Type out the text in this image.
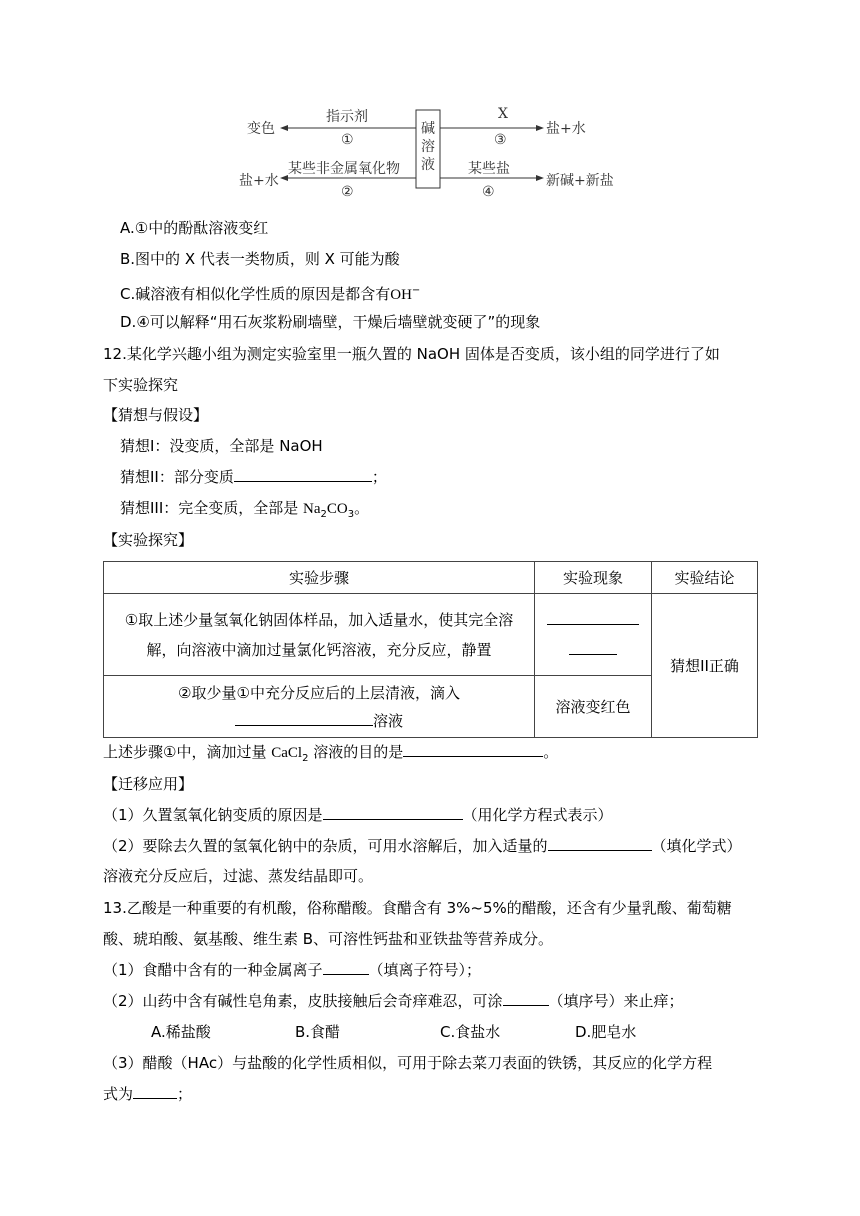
碱
溶
液
变色
指示剂
①
盐+水
某些非金属氧化物
②
X
③
盐+水
某些盐
④
新碱+新盐
A.①中的酚酞溶液变红
B.图中的 X 代表一类物质，则 X 可能为酸
C.碱溶液有相似化学性质的原因是都含有OH−
D.④可以解释“用石灰浆粉刷墙壁，干燥后墙壁就变硬了”的现象
12.某化学兴趣小组为测定实验室里一瓶久置的 NaOH 固体是否变质，该小组的同学进行了如
下实验探究
【猜想与假设】
猜想I：没变质，全部是 NaOH
猜想II：部分变质	；
猜想III：完全变质，全部是 $Na_2CO_3$。
【实验探究】
实验步骤	实验现象	实验结论

①取上述少量氢氧化钠固体样品，加入适量水，使其完全溶
解，向溶液中滴加过量氯化钙溶液，充分反应，静置		猜想II正确

②取少量①中充分反应后的上层清液，滴入
溶液	溶液变红色	
上述步骤①中，滴加过量 CaCl$_2$ 溶液的目的是	。
【迁移应用】
（1）久置氢氧化钠变质的原因是	（用化学方程式表示）
（2）要除去久置的氢氧化钠中的杂质，可用水溶解后，加入适量的	（填化学式）
溶液充分反应后，过滤、蒸发结晶即可。
13.乙酸是一种重要的有机酸，俗称醋酸。食醋含有 3%~5%的醋酸，还含有少量乳酸、葡萄糖
酸、琥珀酸、氨基酸、维生素 B、可溶性钙盐和亚铁盐等营养成分。
（1）食醋中含有的一种金属离子	（填离子符号）；
（2）山药中含有碱性皂角素，皮肤接触后会奇痒难忍，可涂	（填序号）来止痒；
A.稀盐酸	B.食醋	C.食盐水	D.肥皂水
（3）醋酸（HAc）与盐酸的化学性质相似，可用于除去菜刀表面的铁锈，其反应的化学方程
式为	；
